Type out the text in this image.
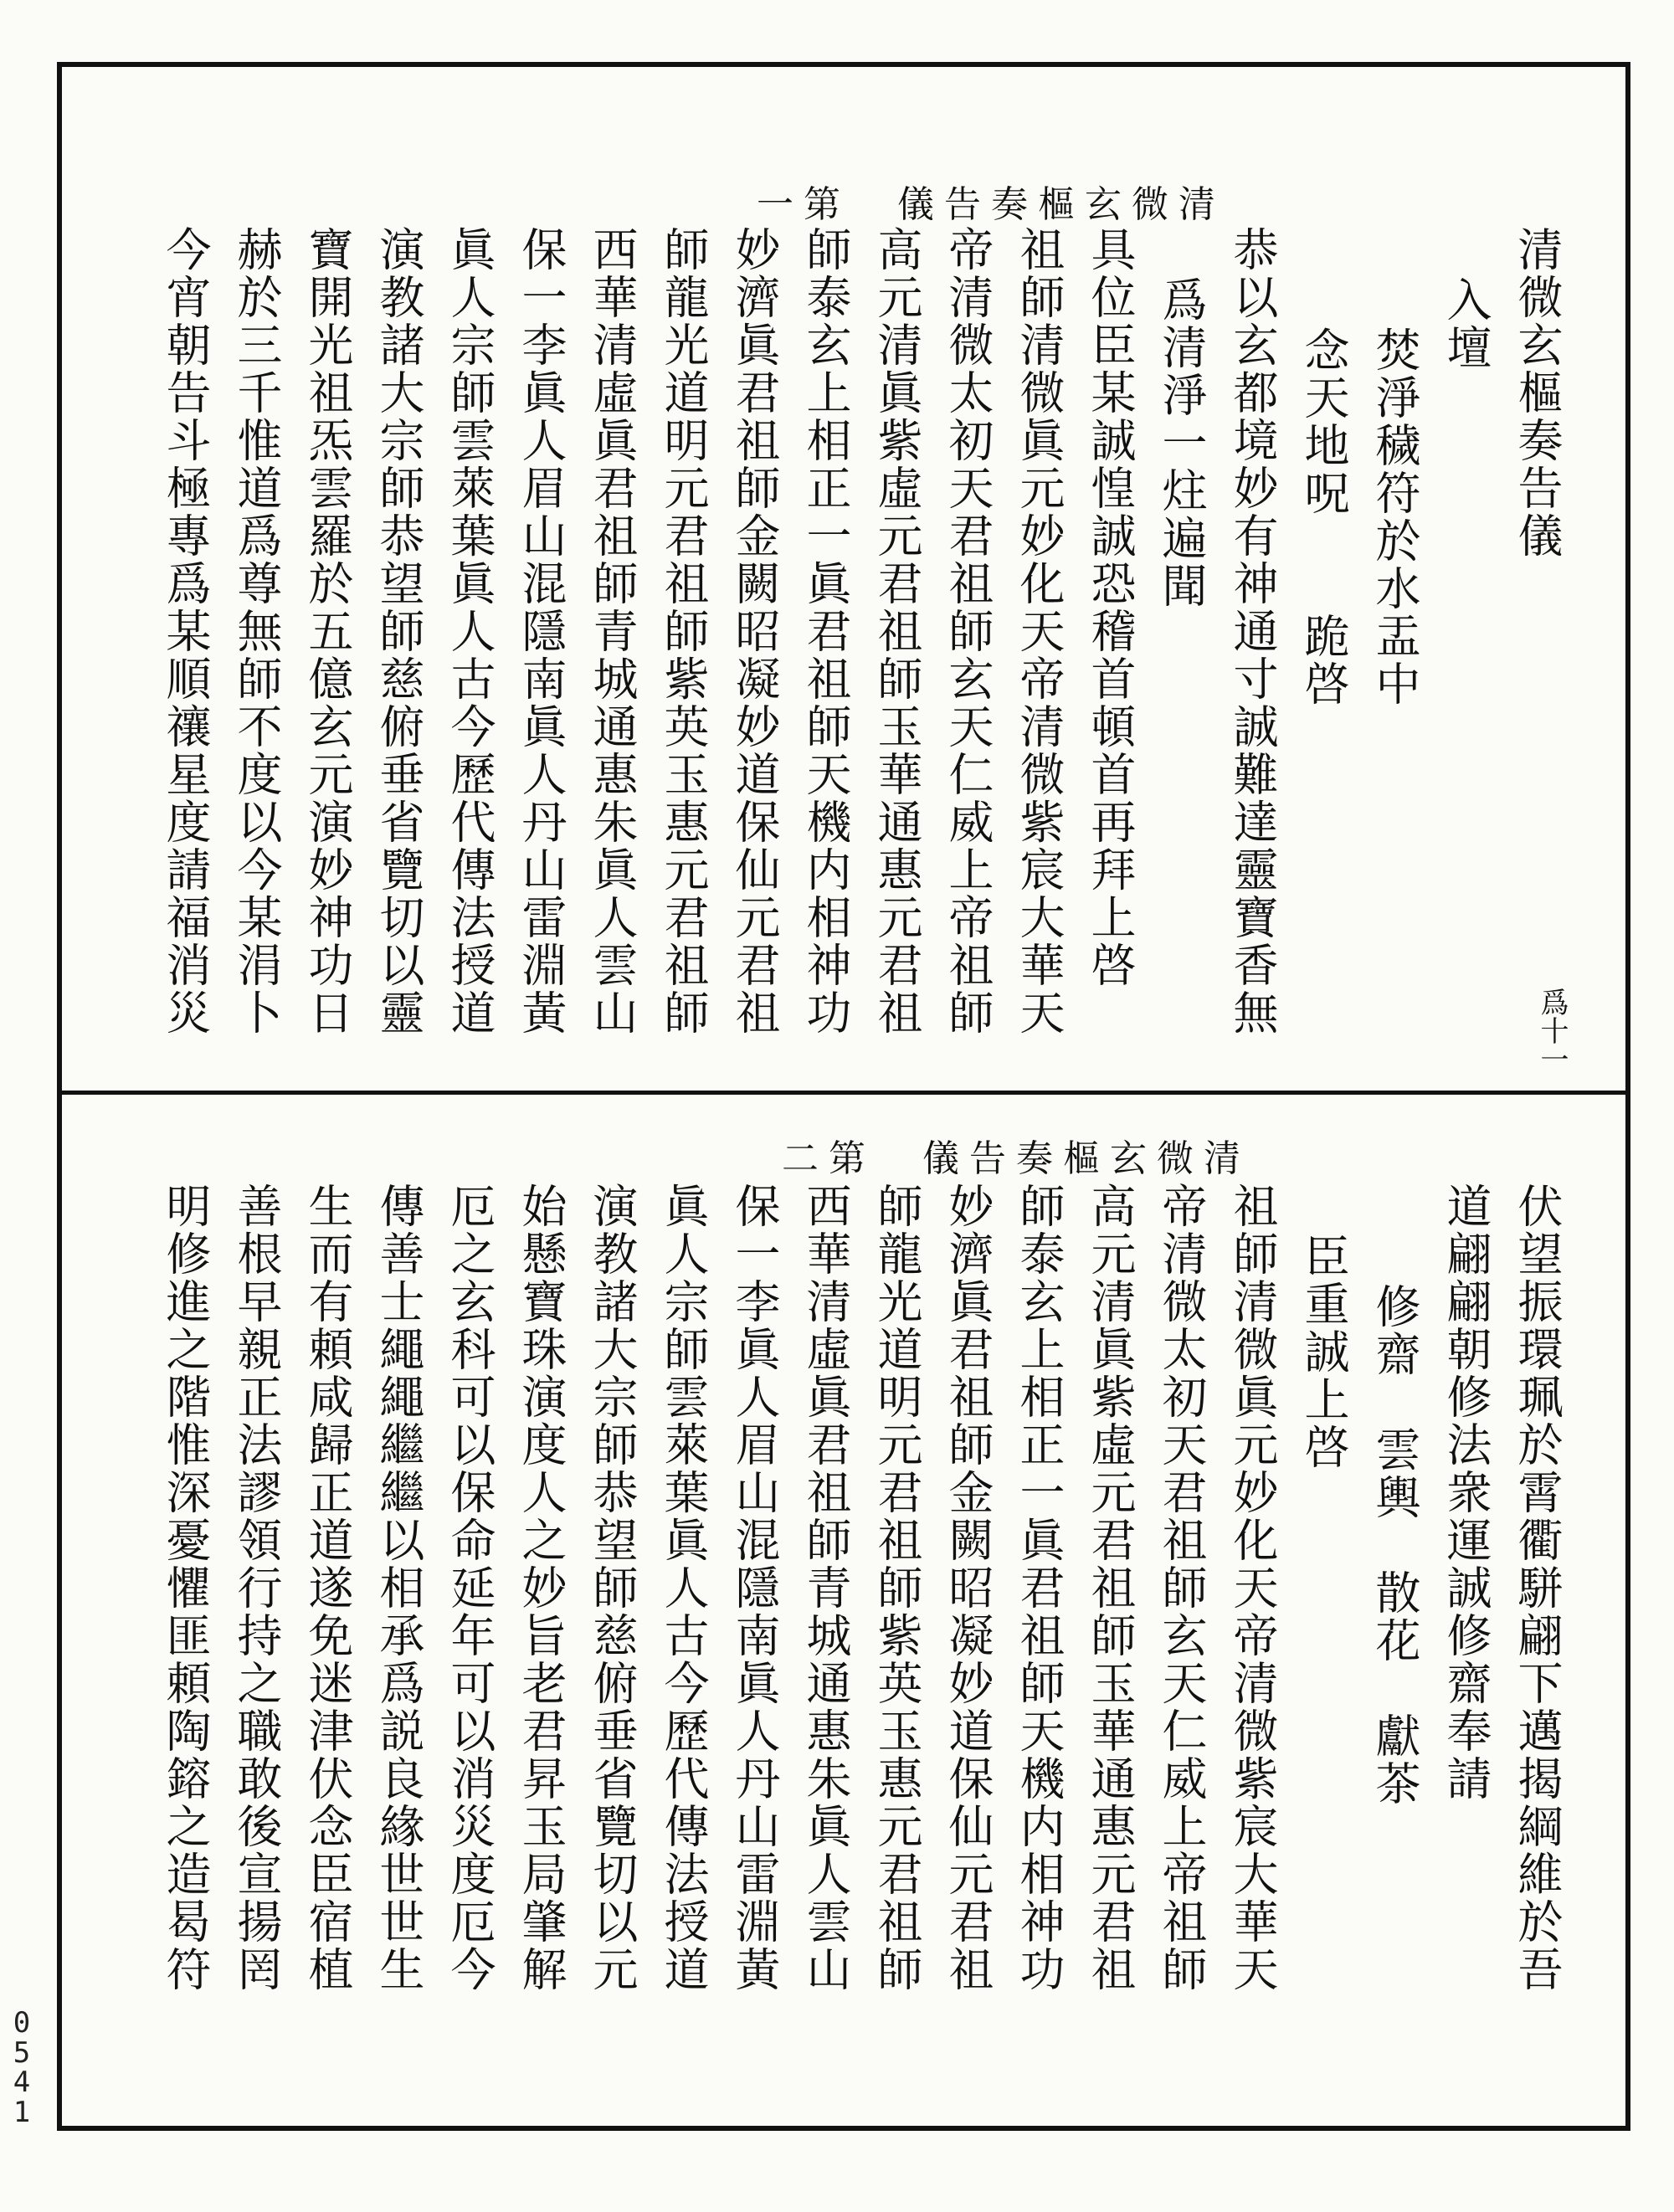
清微玄樞奏告儀　第一
爲十一
清微玄樞奏告儀
入壇
焚淨穢符於水盂中
念天地呪　　跪啓
恭以玄都境妙有神通寸誠難達靈寶香無
爲清淨一炷遍聞
具位臣某誠惶誠恐稽首頓首再拜上啓
祖師清微眞元妙化天帝清微紫宸大華天
帝清微太初天君祖師玄天仁威上帝祖師
高元清眞紫虛元君祖師玉華通惠元君祖
師泰玄上相正一眞君祖師天機内相神功
妙濟眞君祖師金闕昭凝妙道保仙元君祖
師龍光道明元君祖師紫英玉惠元君祖師
西華清虛眞君祖師青城通惠朱眞人雲山
保一李眞人眉山混隱南眞人丹山雷淵黃
眞人宗師雲萊葉眞人古今歷代傳法授道
演教諸大宗師恭望師慈俯垂省覽切以靈
寶開光祖炁雲羅於五億玄元演妙神功日
赫於三千惟道爲尊無師不度以今某涓卜
今宵朝告斗極專爲某順禳星度請福消災
清微玄樞奏告儀　第二
伏望振環珮於霄衢駢翩下邁揭綱維於吾
道翩翩朝修法衆運誠修齋奉請
修齋　雲輿　散花　獻茶
臣重誠上啓
祖師清微眞元妙化天帝清微紫宸大華天
帝清微太初天君祖師玄天仁威上帝祖師
高元清眞紫虛元君祖師玉華通惠元君祖
師泰玄上相正一眞君祖師天機内相神功
妙濟眞君祖師金闕昭凝妙道保仙元君祖
師龍光道明元君祖師紫英玉惠元君祖師
西華清虛眞君祖師青城通惠朱眞人雲山
保一李眞人眉山混隱南眞人丹山雷淵黃
眞人宗師雲萊葉眞人古今歷代傳法授道
演教諸大宗師恭望師慈俯垂省覽切以元
始懸寶珠演度人之妙旨老君昇玉局肇解
厄之玄科可以保命延年可以消災度厄今
傳善士繩繩繼繼以相承爲説良緣世世生
生而有頼咸歸正道遂免迷津伏念臣宿植
善根早親正法謬領行持之職敢後宣揚罔
明修進之階惟深憂懼匪頼陶鎔之造曷符
0
5
4
1
